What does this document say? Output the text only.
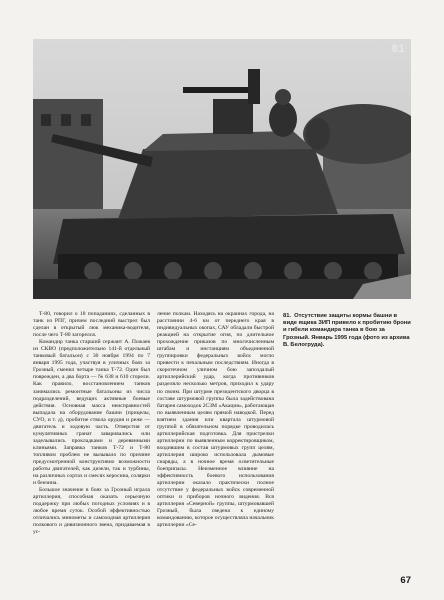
81

Т-80, говорил о 18 попаданиях, сделанных в танк из РПГ, причем последний выстрел был сделан в открытый люк механика-водителя, после чего Т-80 загорелся.

Командир танка старший сержант А. Пожаев из СКВО (предположительно 141-й отдельный танковый батальон) с 30 ноября 1994 по 7 января 1995 года, участвуя в уличных боях за Грозный, сменил четыре танка Т-72. Один был поврежден, а два борта — № 638 и 610 сгорели. Как правило, восстановлением танков занимались ремонтные батальоны из числа подразделений, ведущих активные боевые действия. Основная масса неисправностей выпадала на оборудование башни (прицелы, СУО, и т. д), пробитие ствола орудия и реже — двигатель и ходовую часть. Отверстия от кумулятивных гранат заваривались или заделывались прокладками и деревянными клиньями. Заправка танков Т-72 и Т-80 топливом проблем не вызывало по причине предусмотренной конструктивно возможности работы двигателей, как дизели, так и турбины, на различных сортах и смесях керосина, солярки и бензина.

Большое значение в боях за Грозный играла артиллерия, способная оказать серьезную поддержку при любых погодных условиях и в любое время суток. Особой эффективностью отличались минометы и самоходная артиллерия полкового и дивизионного звена, придаваемая в ус-

ление полкам. Находясь на окраинах города, на расстоянии 4-6 км от переднего края в индивидуальных окопах, САУ обладали быстрой реакцией на открытие огня, по длительное прохождение приказов по многочисленным штабам и инстанциям объединенной группировки федеральных войск могло привести к печальным последствиям. Иногда в скоротечном уличном бою запоздалый артиллерийский удар, когда противников разделяло несколько метров, приходил к удару по своим. При штурме президентского дворца в составе штурмовой группы была задействована батарея самоходок 2С3М «Акация», работающая по выявленным целям прямой наводкой. Перед взятием здания или квартала штурмовой группой в обязательном порядке проводилась артиллерийская подготовка. Для пристрелки артиллерии по выявленным корректировщиком, входившим в состав штурмовых групп целям, артиллерия широко использовала дымовые снаряды, а в ночное время осветительные боеприпасы. Неизменное влияние на эффективность боевого использования артиллерии оказало практически полное отсутствие у федеральных войск современной оптики и приборов ночного видения. Вся артиллерия «Северной» группы, штурмовавшей Грозный, была сведена к единому командованию, которое осуществляла начальник артиллерии «Се-

81. Отсутствие защиты кормы башни в виде ящика ЗИП привело к пробитию брони и гибели командира танка в бою за Грозный. Январь 1995 года (фото из архива В. Белогруда).
67
